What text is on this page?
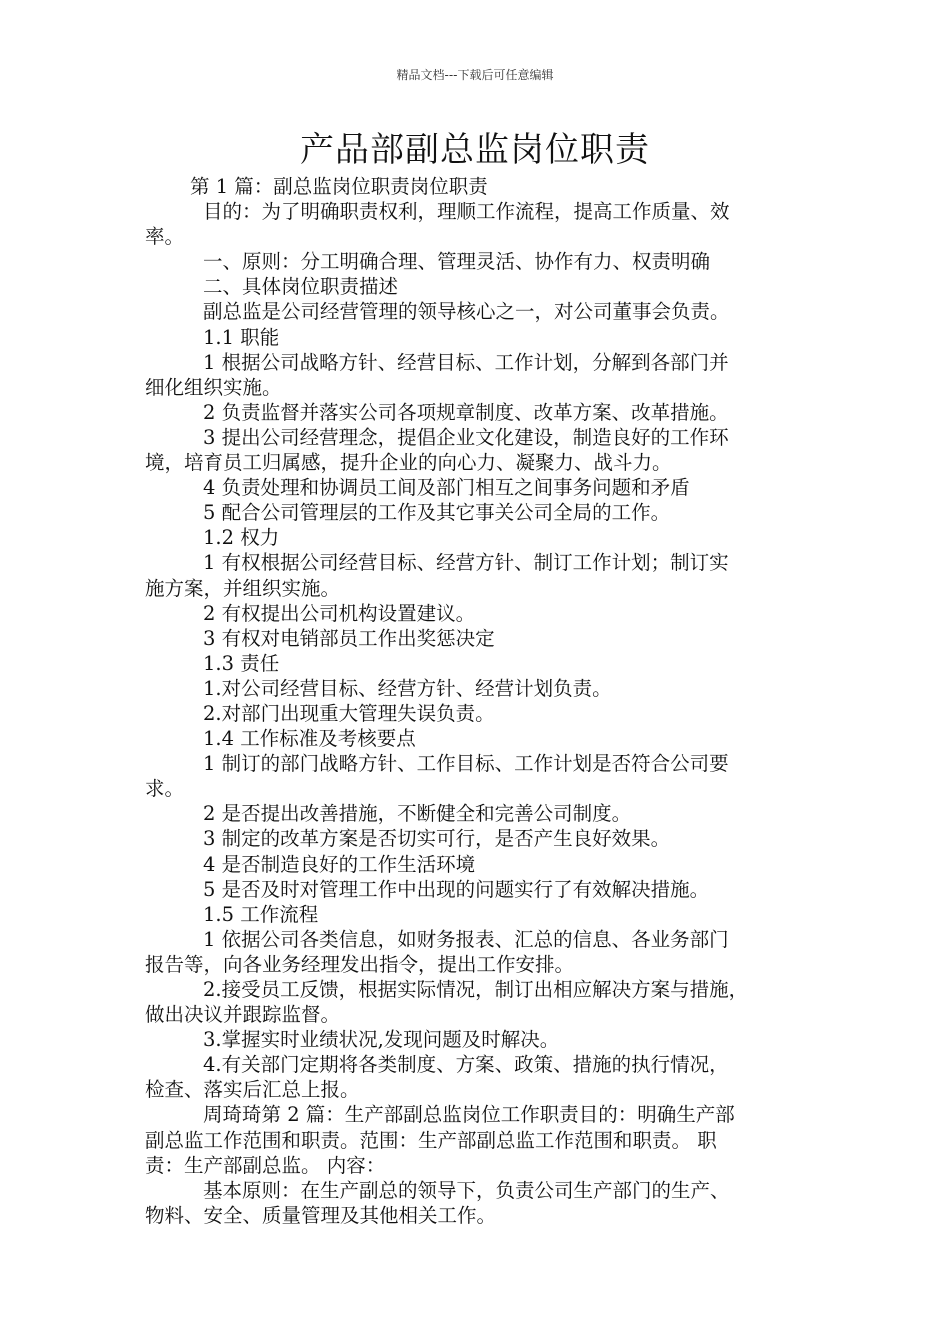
精品文档---下载后可任意编辑
产品部副总监岗位职责
第 1 篇：副总监岗位职责岗位职责
目的：为了明确职责权利，理顺工作流程，提高工作质量、效
率。
一、原则：分工明确合理、管理灵活、协作有力、权责明确
二、具体岗位职责描述
副总监是公司经营管理的领导核心之一，对公司董事会负责。
1.1 职能
1 根据公司战略方针、经营目标、工作计划，分解到各部门并
细化组织实施。
2 负责监督并落实公司各项规章制度、改革方案、改革措施。
3 提出公司经营理念，提倡企业文化建设，制造良好的工作环
境，培育员工归属感，提升企业的向心力、凝聚力、战斗力。
4 负责处理和协调员工间及部门相互之间事务问题和矛盾
5 配合公司管理层的工作及其它事关公司全局的工作。
1.2 权力
1 有权根据公司经营目标、经营方针、制订工作计划；制订实
施方案，并组织实施。
2 有权提出公司机构设置建议。
3 有权对电销部员工作出奖惩决定
1.3 责任
1.对公司经营目标、经营方针、经营计划负责。
2.对部门出现重大管理失误负责。
1.4 工作标准及考核要点
1 制订的部门战略方针、工作目标、工作计划是否符合公司要
求。
2 是否提出改善措施，不断健全和完善公司制度。
3 制定的改革方案是否切实可行，是否产生良好效果。
4 是否制造良好的工作生活环境
5 是否及时对管理工作中出现的问题实行了有效解决措施。
1.5 工作流程
1 依据公司各类信息，如财务报表、汇总的信息、各业务部门
报告等，向各业务经理发出指令，提出工作安排。
2.接受员工反馈，根据实际情况，制订出相应解决方案与措施，
做出决议并跟踪监督。
3.掌握实时业绩状况,发现问题及时解决。
4.有关部门定期将各类制度、方案、政策、措施的执行情况，
检查、落实后汇总上报。
周琦琦第 2 篇：生产部副总监岗位工作职责目的：明确生产部
副总监工作范围和职责。范围：生产部副总监工作范围和职责。 职
责：生产部副总监。 内容：
基本原则：在生产副总的领导下，负责公司生产部门的生产、
物料、安全、质量管理及其他相关工作。
